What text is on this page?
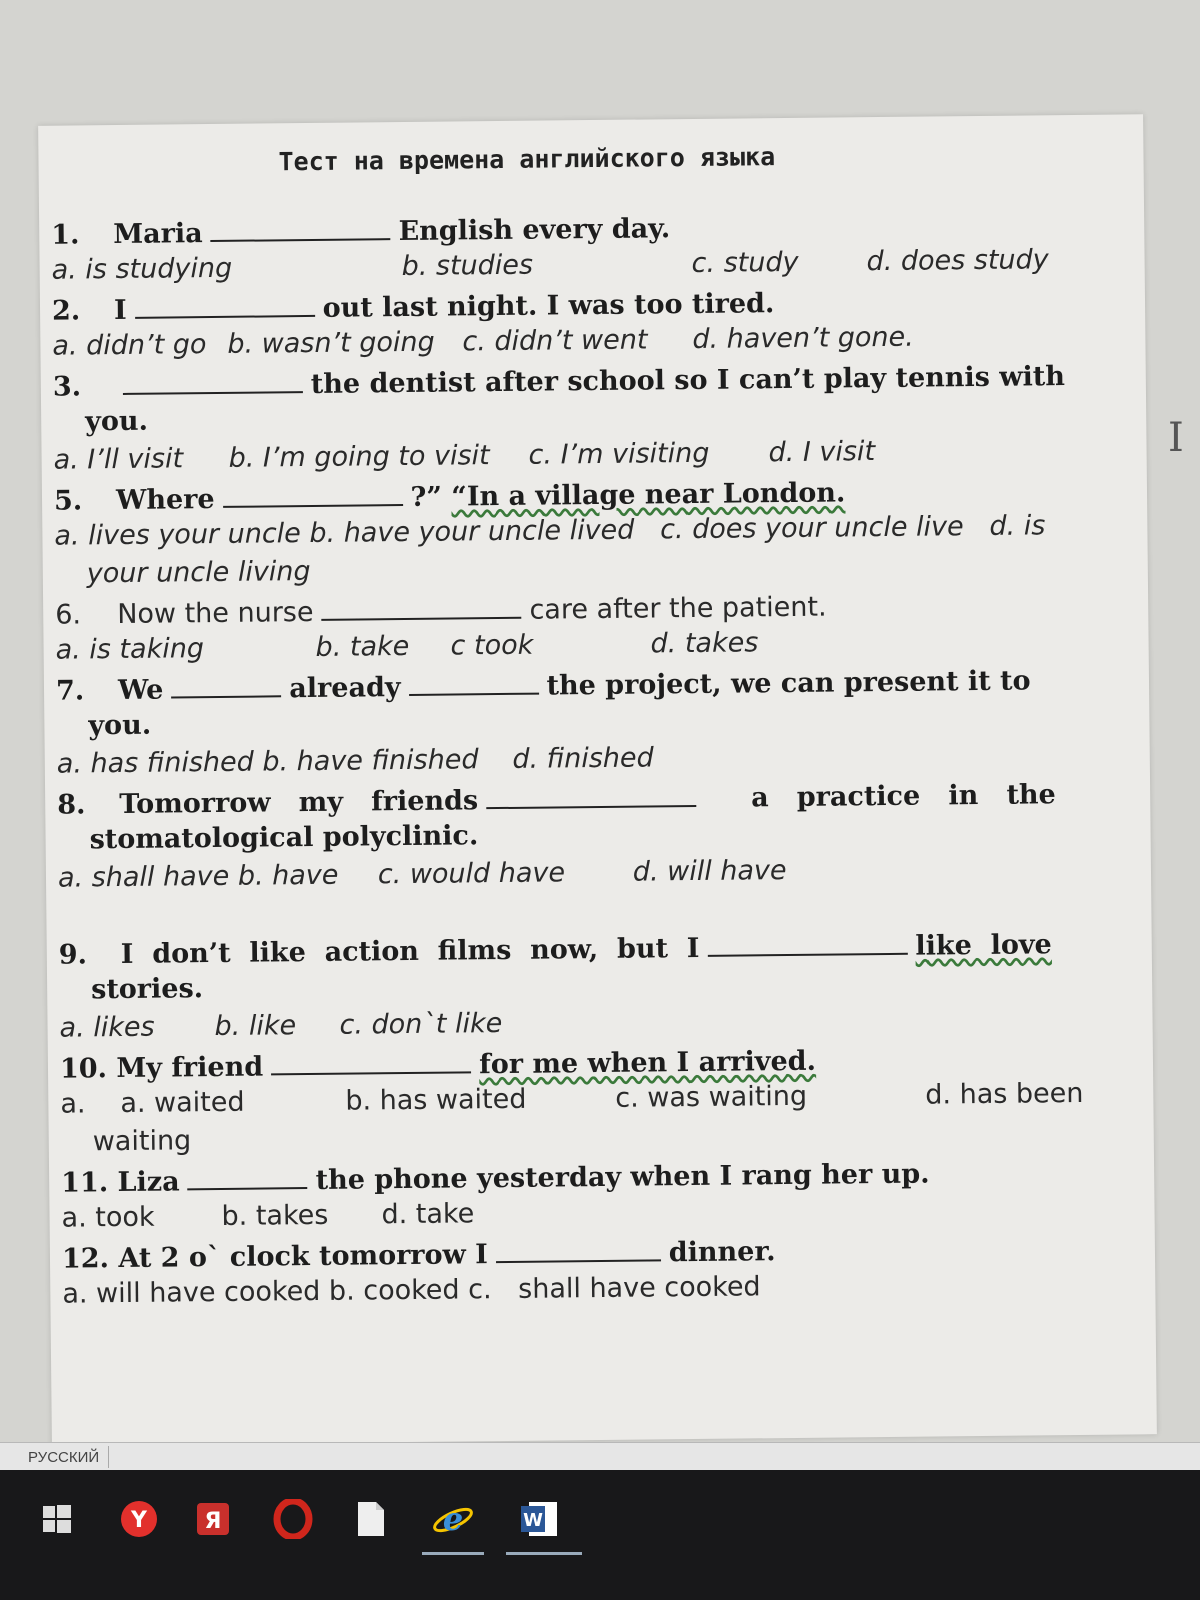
Тест на времена английского языка
1. Maria	English every day.
a. is studying	b. studies	c. study	d. does study
2. I	out last night. I was too tired.
a. didn’t go b. wasn’t going c. didn’t went d. haven’t gone.
3.	the dentist after school so I can’t play tennis with
you.
a. I’ll visit b. I’m going to visit c. I’m visiting d. I visit
5. Where	?” “In a village near London.
a. lives your uncle b. have your uncle lived c. does your uncle live d. is
your uncle living
6. Now the nurse	care after the patient.
a. is taking	b. take c took	d. takes
7. We	already	the project, we can present it to
you.
a. has finished b. have finished d. finished
8. Tomorrow   my   friends	a   practice   in   the
stomatological polyclinic.
a. shall have b. have c. would have d. will have
9. I  don’t  like  action  films  now,  but  I	like  love
stories.
a. likes b. like c. don`t like
10. My friend	for me when I arrived.
a. a. waited	b. has waited	c. was waiting	d. has been
waiting
11. Liza	the phone yesterday when I rang her up.
a. took b. takes d. take
12. At 2 o` clock tomorrow I	dinner.
a. will have cooked b. cooked c. shall have cooked
I
РУССКИЙ
Y	Я	e	W
